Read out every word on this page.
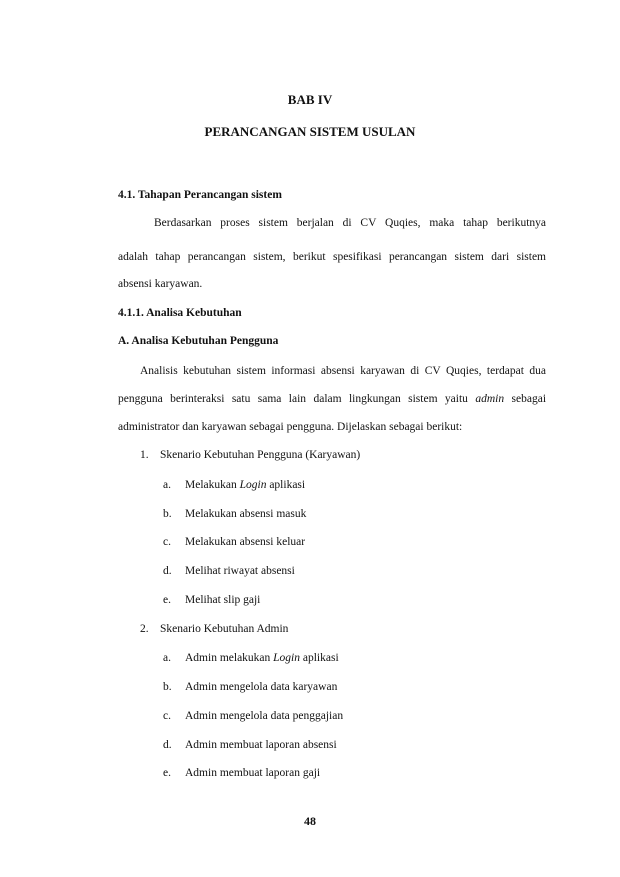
BAB IV
PERANCANGAN SISTEM USULAN
4.1. Tahapan Perancangan sistem
Berdasarkan proses sistem berjalan di CV Quqies, maka tahap berikutnya
adalah tahap perancangan sistem, berikut spesifikasi perancangan sistem dari sistem
absensi karyawan.
4.1.1. Analisa Kebutuhan
A. Analisa Kebutuhan Pengguna
Analisis kebutuhan sistem informasi absensi karyawan di CV Quqies, terdapat dua
pengguna berinteraksi satu sama lain dalam lingkungan sistem yaitu admin sebagai
administrator dan karyawan sebagai pengguna. Dijelaskan sebagai berikut:
1. Skenario Kebutuhan Pengguna (Karyawan)
a. Melakukan Login aplikasi
b. Melakukan absensi masuk
c. Melakukan absensi keluar
d. Melihat riwayat absensi
e. Melihat slip gaji
2. Skenario Kebutuhan Admin
a. Admin melakukan Login aplikasi
b. Admin mengelola data karyawan
c. Admin mengelola data penggajian
d. Admin membuat laporan absensi
e. Admin membuat laporan gaji
48
